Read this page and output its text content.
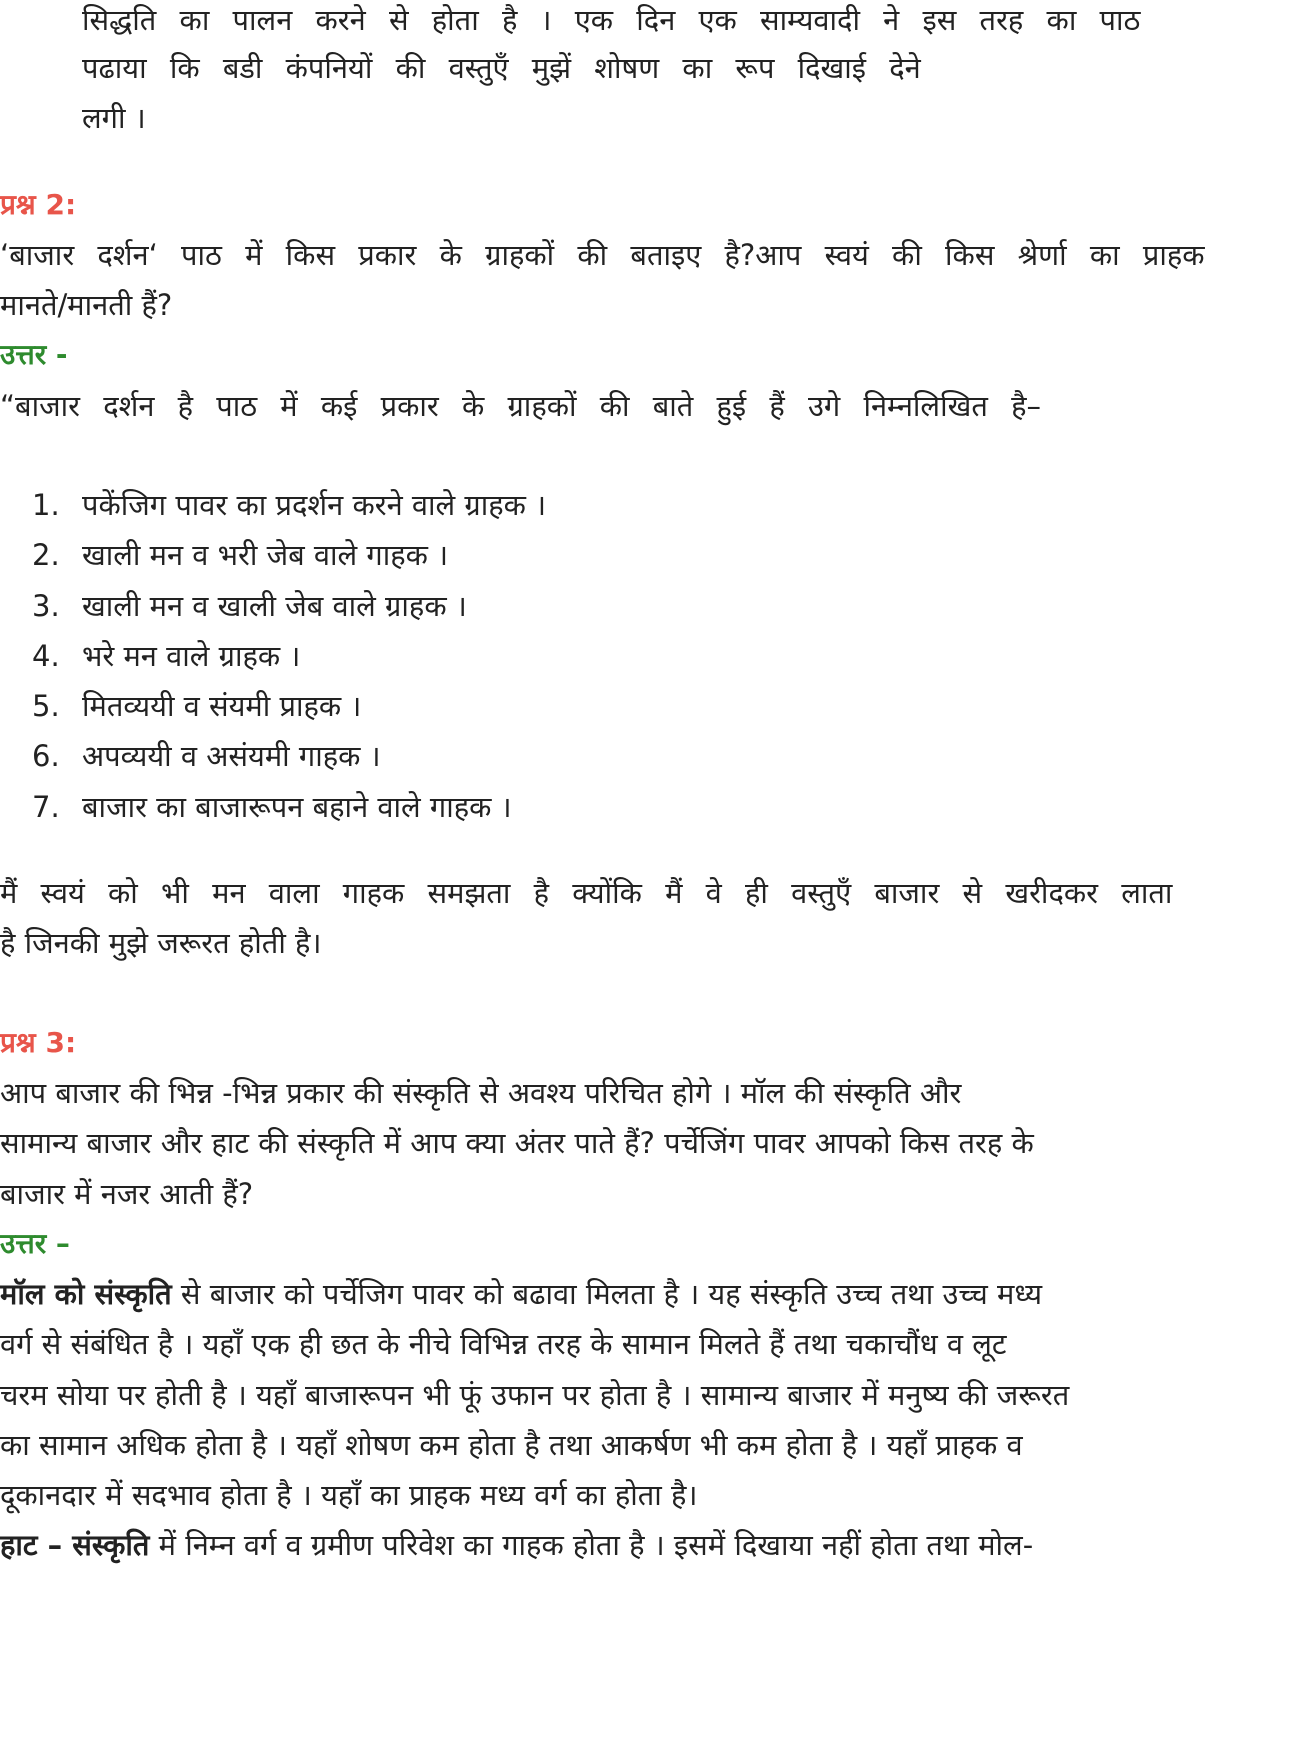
सिद्धति का पालन करने से होता है । एक दिन एक साम्यवादी ने इस तरह का पाठ
पढाया कि बडी कंपनियों की वस्तुएँ मुझें शोषण का रूप दिखाई देने
लगी ।
प्रश्न 2:
‘बाजार दर्शन‘ पाठ में किस प्रकार के ग्राहकों की बताइए है?आप स्वयं की किस श्रेर्णा का प्राहक
मानते/मानती हैं?
उत्तर -
“बाजार दर्शन है पाठ में कई प्रकार के ग्राहकों की बाते हुई हैं उगे निम्नलिखित है–
1. पकेंजिग पावर का प्रदर्शन करने वाले ग्राहक ।
2. खाली मन व भरी जेब वाले गाहक ।
3. खाली मन व खाली जेब वाले ग्राहक ।
4. भरे मन वाले ग्राहक ।
5. मितव्ययी व संयमी प्राहक ।
6. अपव्ययी व असंयमी गाहक ।
7. बाजार का बाजारूपन बहाने वाले गाहक ।
मैं स्वयं को भी मन वाला गाहक समझता है क्योंकि मैं वे ही वस्तुएँ बाजार से खरीदकर लाता
है जिनकी मुझे जरूरत होती है।
प्रश्न 3:
आप बाजार की भिन्न -भिन्न प्रकार की संस्कृति से अवश्य परिचित होगे । मॉल की संस्कृति और
सामान्य बाजार और हाट की संस्कृति में आप क्या अंतर पाते हैं? पर्चेजिंग पावर आपको किस तरह के
बाजार में नजर आती हैं?
उत्तर –
मॉल को संस्कृति से बाजार को पर्चेजिग पावर को बढावा मिलता है । यह संस्कृति उच्च तथा उच्च मध्य
वर्ग से संबंधित है । यहाँ एक ही छत के नीचे विभिन्न तरह के सामान मिलते हैं तथा चकाचौंध व लूट
चरम सोया पर होती है । यहाँ बाजारूपन भी फूं उफान पर होता है । सामान्य बाजार में मनुष्य की जरूरत
का सामान अधिक होता है । यहाँ शोषण कम होता है तथा आकर्षण भी कम होता है । यहाँ प्राहक व
दूकानदार में सदभाव होता है । यहाँ का प्राहक मध्य वर्ग का होता है।
हाट – संस्कृति में निम्न वर्ग व ग्रमीण परिवेश का गाहक होता है । इसमें दिखाया नहीं होता तथा मोल-
